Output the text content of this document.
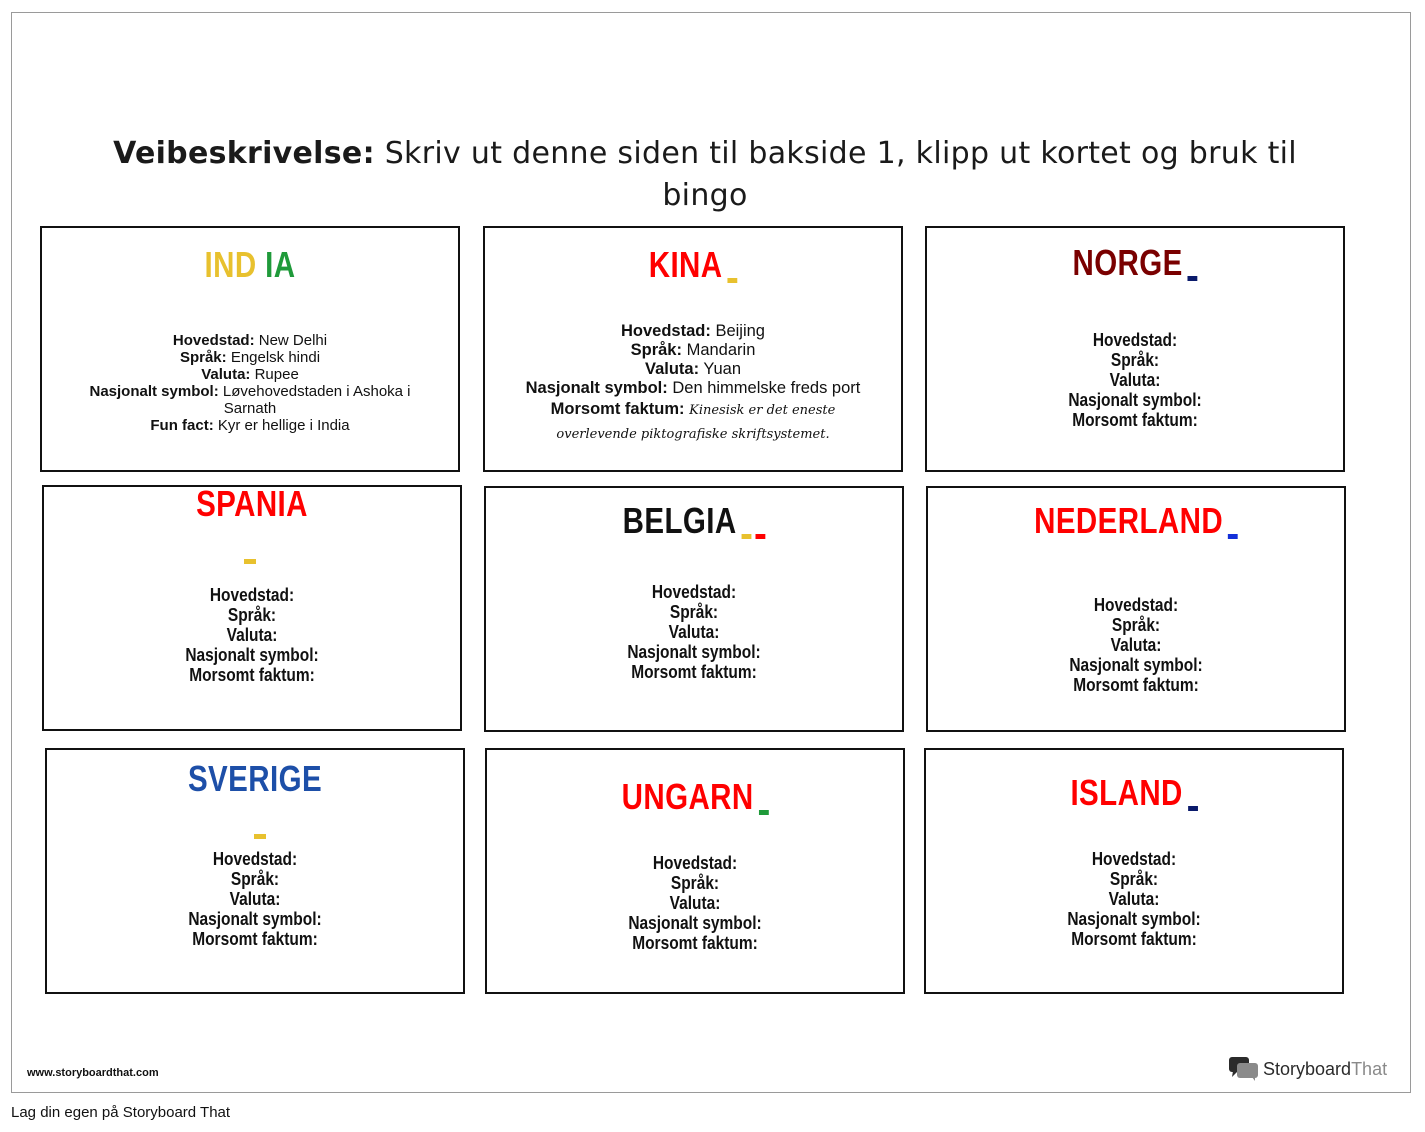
Veibeskrivelse: Skriv ut denne siden til bakside 1, klipp ut kortet og bruk til bingo
IND IA
Hovedstad: New Delhi
Språk: Engelsk hindi
Valuta: Rupee
Nasjonalt symbol: Løvehovedstaden i Ashoka i Sarnath
Fun fact: Kyr er hellige i India
KINA
Hovedstad: Beijing
Språk: Mandarin
Valuta: Yuan
Nasjonalt symbol: Den himmelske freds port
Morsomt faktum: Kinesisk er det eneste overlevende piktografiske skriftsystemet.
NORGE
Hovedstad:
Språk:
Valuta:
Nasjonalt symbol:
Morsomt faktum:
SPANIA
Hovedstad:
Språk:
Valuta:
Nasjonalt symbol:
Morsomt faktum:
BELGIA
Hovedstad:
Språk:
Valuta:
Nasjonalt symbol:
Morsomt faktum:
NEDERLAND
Hovedstad:
Språk:
Valuta:
Nasjonalt symbol:
Morsomt faktum:
SVERIGE
Hovedstad:
Språk:
Valuta:
Nasjonalt symbol:
Morsomt faktum:
UNGARN
Hovedstad:
Språk:
Valuta:
Nasjonalt symbol:
Morsomt faktum:
ISLAND
Hovedstad:
Språk:
Valuta:
Nasjonalt symbol:
Morsomt faktum:
www.storyboardthat.com	Storyboard That
Lag din egen på Storyboard That
